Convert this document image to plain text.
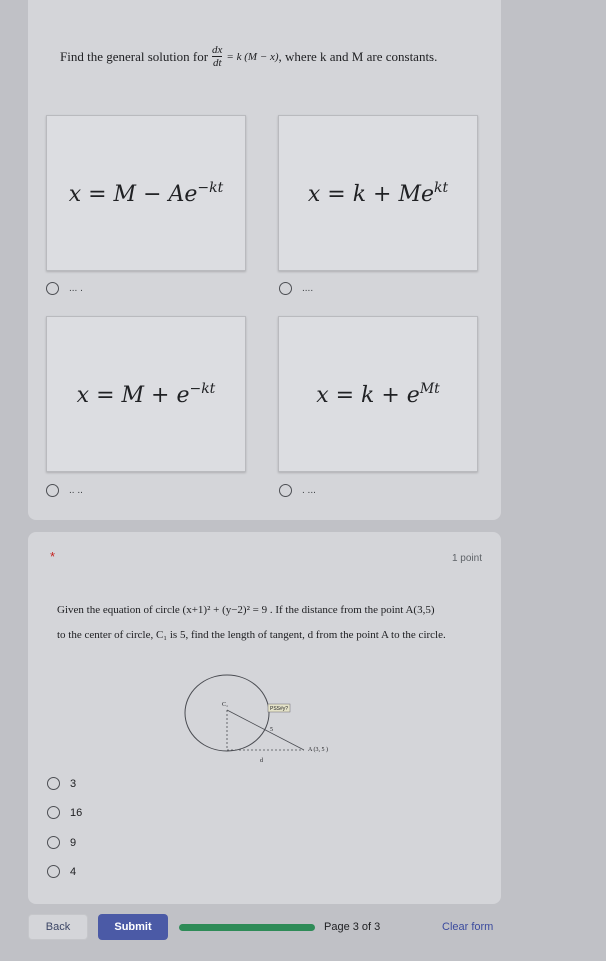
Find the general solution for $\frac{dx}{dt} = k$ (M − x) , where k and M are constants.
$x = M - Ae^{-kt}$	$x = k + Me^{kt}$
... .	....
$x = M + e^{-kt}$	$x = k + e^{Mt}$
.. ..	. ...
*	1 point
Given the equation of circle (x+1)² + (y−2)² = 9 . If the distance from the point A(3,5)
to the center of circle, C₁ is 5, find the length of tangent, d from the point A to the circle.
C₁
PSS#y?
5
A (3, 5 )
d
3
16
9
4
Back	Submit	Page 3 of 3	Clear form
